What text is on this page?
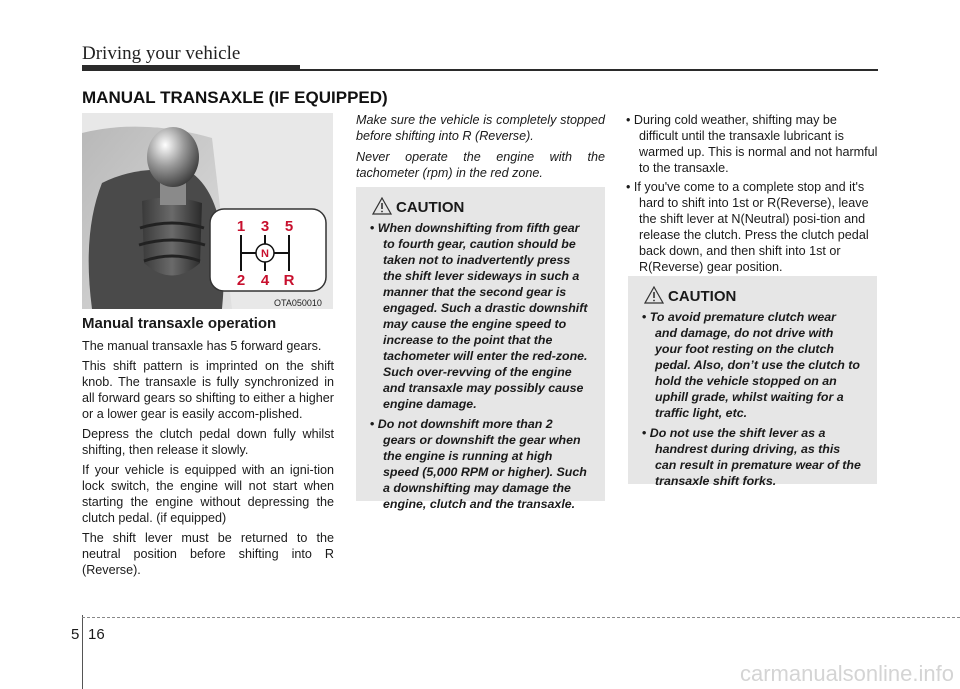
Driving your vehicle
MANUAL TRANSAXLE (IF EQUIPPED)
1 3 5
2 4 R
N
OTA050010
Manual transaxle operation

The manual transaxle has 5 forward gears.

This shift pattern is imprinted on the shift knob. The transaxle is fully synchronized in all forward gears so shifting to either a higher or a lower gear is easily accom-plished.

Depress the clutch pedal down fully whilst shifting, then release it slowly.

If your vehicle is equipped with an igni-tion lock switch, the engine will not start when starting the engine without depressing the clutch pedal. (if equipped)

The shift lever must be returned to the neutral position before shifting into R (Reverse).

Make sure the vehicle is completely stopped before shifting into R (Reverse).

Never operate the engine with the tachometer (rpm) in the red zone.

CAUTION
• When downshifting from fifth gear to fourth gear, caution should be taken not to inadvertently press the shift lever sideways in such a manner that the second gear is engaged. Such a drastic downshift may cause the engine speed to increase to the point that the tachometer will enter the red-zone. Such over-revving of the engine and transaxle may possibly cause engine damage.
• Do not downshift more than 2 gears or downshift the gear when the engine is running at high speed (5,000 RPM or higher). Such a downshifting may damage the engine, clutch and the transaxle.
• During cold weather, shifting may be difficult until the transaxle lubricant is warmed up. This is normal and not harmful to the transaxle.
• If you've come to a complete stop and it's hard to shift into 1st or R(Reverse), leave the shift lever at N(Neutral) posi-tion and release the clutch. Press the clutch pedal back down, and then shift into 1st or R(Reverse) gear position.
CAUTION
• To avoid premature clutch wear and damage, do not drive with your foot resting on the clutch pedal. Also, don’t use the clutch to hold the vehicle stopped on an uphill grade, whilst waiting for a traffic light, etc.
• Do not use the shift lever as a handrest during driving, as this can result in premature wear of the transaxle shift forks.
5 16
carmanualsonline.info
